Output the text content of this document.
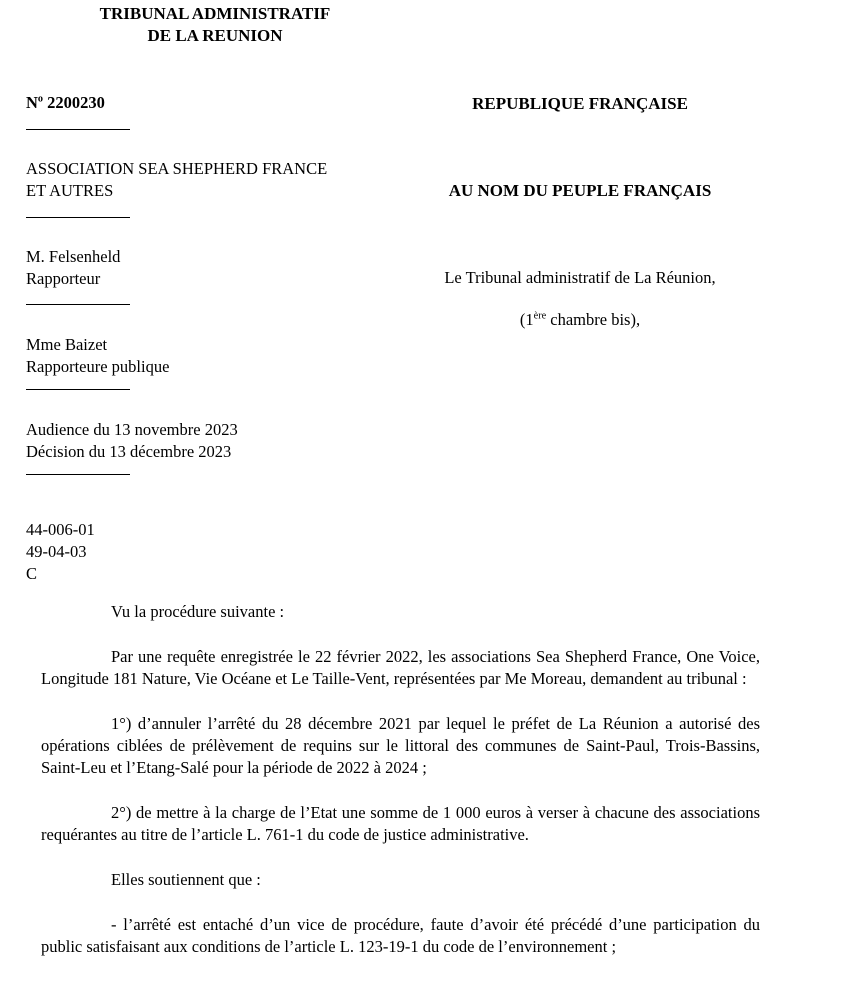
TRIBUNAL ADMINISTRATIF
DE LA REUNION
$N^o$ 2200230
ASSOCIATION SEA SHEPHERD FRANCE
ET AUTRES
M. Felsenheld
Rapporteur
Mme Baizet
Rapporteure publique
Audience du 13 novembre 2023
Décision du 13 décembre 2023
44-006-01
49-04-03
C
REPUBLIQUE FRANÇAISE
AU NOM DU PEUPLE FRANÇAIS
Le Tribunal administratif de La Réunion,
(1ère chambre bis),

Vu la procédure suivante :

Par une requête enregistrée le 22 février 2022, les associations Sea Shepherd France, One Voice, Longitude 181 Nature, Vie Océane et Le Taille-Vent, représentées par Me Moreau, demandent au tribunal :

1°) d’annuler l’arrêté du 28 décembre 2021 par lequel le préfet de La Réunion a autorisé des opérations ciblées de prélèvement de requins sur le littoral des communes de Saint-Paul, Trois-Bassins, Saint-Leu et l’Etang-Salé pour la période de 2022 à 2024 ;

2°) de mettre à la charge de l’Etat une somme de 1 000 euros à verser à chacune des associations requérantes au titre de l’article L. 761-1 du code de justice administrative.

Elles soutiennent que :

- l’arrêté est entaché d’un vice de procédure, faute d’avoir été précédé d’une participation du public satisfaisant aux conditions de l’article L. 123-19-1 du code de l’environnement ;
